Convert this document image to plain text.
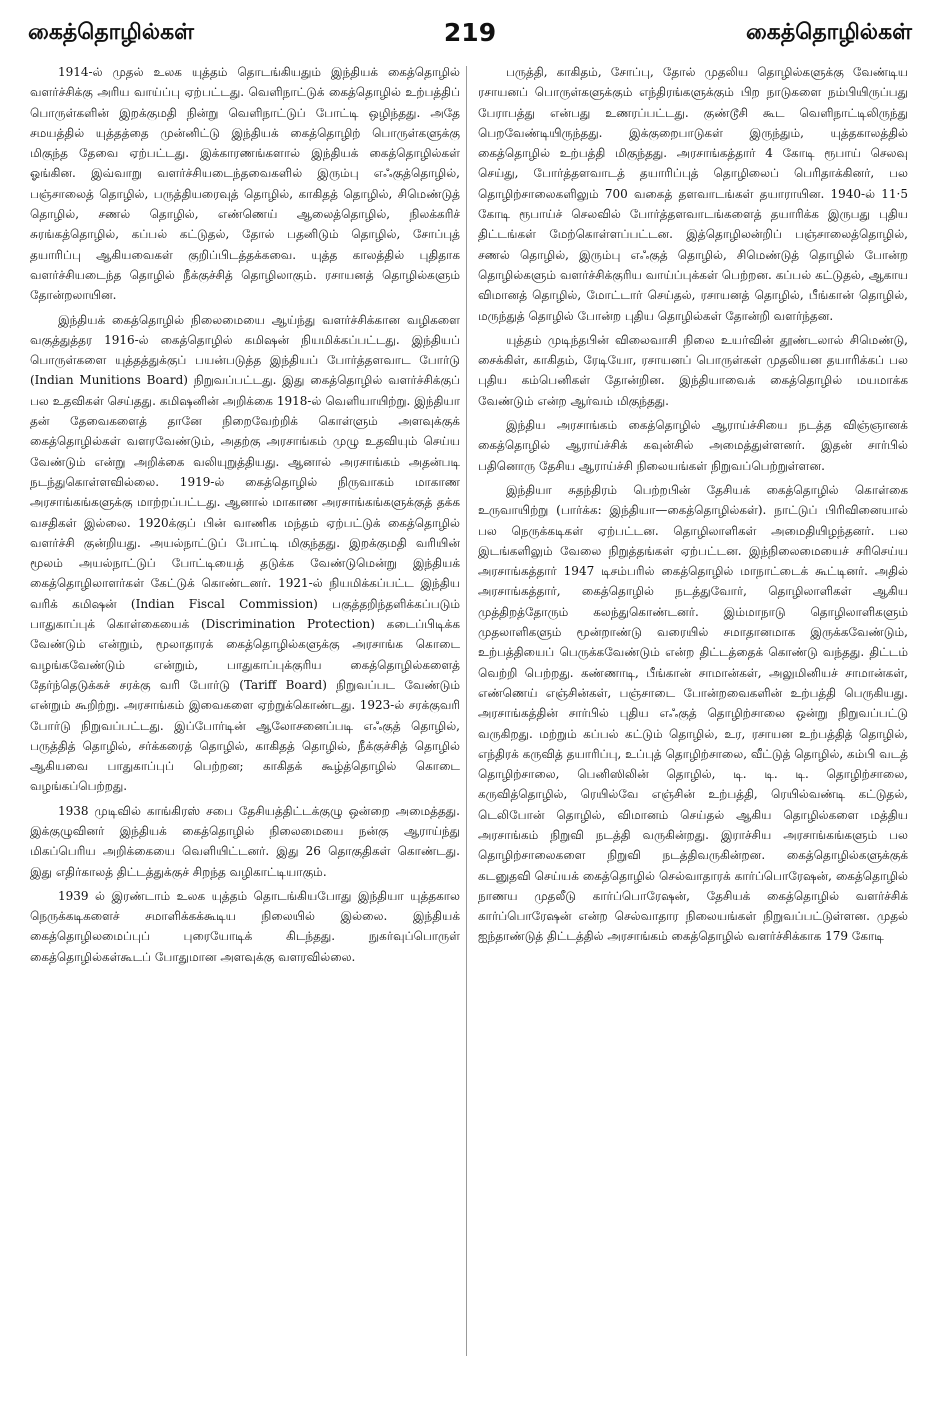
கைத்தொழில்கள்	219	கைத்தொழில்கள்

1914-ல் முதல் உலக யுத்தம் தொடங்கியதும் இந்தியக் கைத்தொழில் வளர்ச்சிக்கு அரிய வாய்ப்பு ஏற்பட்டது. வெளிநாட்டுக் கைத்தொழில் உற்பத்திப் பொருள்களின் இறக்குமதி நின்று வெளிநாட்டுப் போட்டி ஒழிந்தது. அதே சமயத்தில் யுத்தத்தை முன்னிட்டு இந்தியக் கைத்தொழிற் பொருள்களுக்கு மிகுந்த தேவை ஏற்பட்டது. இக்காரணங்களால் இந்தியக் கைத்தொழில்கள் ஓங்கின. இவ்வாறு வளர்ச்சியடைந்தவைகளில் இரும்பு எஃகுத்தொழில், பஞ்சாலைத் தொழில், பருத்தியரைவுத் தொழில், காகிதத் தொழில், சிமெண்டுத் தொழில், சணல் தொழில், எண்ணெய் ஆலைத்தொழில், நிலக்கரிச் சுரங்கத்தொழில், கப்பல் கட்டுதல், தோல் பதனிடும் தொழில், சோப்புத் தயாரிப்பு ஆகியவைகள் குறிப்பிடத்தக்கவை. யுத்த காலத்தில் புதிதாக வளர்ச்சியடைந்த தொழில் நீக்குச்சித் தொழிலாகும். ரசாயனத் தொழில்களும் தோன்றலாயின.

இந்தியக் கைத்தொழில் நிலைமையை ஆய்ந்து வளர்ச்சிக்கான வழிகளை வகுத்துத்தர 1916-ல் கைத்தொழில் கமிஷன் நியமிக்கப்பட்டது. இந்தியப் பொருள்களை யுத்தத்துக்குப் பயன்படுத்த இந்தியப் போர்த்தளவாட போர்டு (Indian Munitions Board) நிறுவப்பட்டது. இது கைத்தொழில் வளர்ச்சிக்குப் பல உதவிகள் செய்தது. கமிஷனின் அறிக்கை 1918-ல் வெளியாயிற்று. இந்தியா தன் தேவைகளைத் தானே நிறைவேற்றிக் கொள்ளும் அளவுக்குக் கைத்தொழில்கள் வளரவேண்டும், அதற்கு அரசாங்கம் முழு உதவியும் செய்ய வேண்டும் என்று அறிக்கை வலியுறுத்தியது. ஆனால் அரசாங்கம் அதன்படி நடந்துகொள்ளவில்லை. 1919-ல் கைத்தொழில் நிருவாகம் மாகாண அரசாங்கங்களுக்கு மாற்றப்பட்டது. ஆனால் மாகாண அரசாங்கங்களுக்குத் தக்க வசதிகள் இல்லை. 1920க்குப் பின் வாணிக மந்தம் ஏற்பட்டுக் கைத்தொழில் வளர்ச்சி குன்றியது. அயல்நாட்டுப் போட்டி மிகுந்தது. இறக்குமதி வரியின் மூலம் அயல்நாட்டுப் போட்டியைத் தடுக்க வேண்டுமென்று இந்தியக் கைத்தொழிலாளர்கள் கேட்டுக் கொண்டனர். 1921-ல் நியமிக்கப்பட்ட இந்திய வரிக் கமிஷன் (Indian Fiscal Commission) பகுத்தறிந்தளிக்கப்படும் பாதுகாப்புக் கொள்கையைக் (Discrimination Protection) கடைப்பிடிக்க வேண்டும் என்றும், மூலாதாரக் கைத்தொழில்களுக்கு அரசாங்க கொடை வழங்கவேண்டும் என்றும், பாதுகாப்புக்குரிய கைத்தொழில்களைத் தேர்ந்தெடுக்கச் சரக்கு வரி போர்டு (Tariff Board) நிறுவப்பட வேண்டும் என்றும் கூறிற்று. அரசாங்கம் இவைகளை ஏற்றுக்கொண்டது. 1923-ல் சரக்குவரி போர்டு நிறுவப்பட்டது. இப்போர்டின் ஆலோசனைப்படி எஃகுத் தொழில், பருத்தித் தொழில், சர்க்கரைத் தொழில், காகிதத் தொழில், நீக்குச்சித் தொழில் ஆகியவை பாதுகாப்புப் பெற்றன; காகிதக் கூழ்த்தொழில் கொடை வழங்கப்பெற்றது.

1938 முடிவில் காங்கிரஸ் சபை தேசியத்திட்டக்குழு ஒன்றை அமைத்தது. இக்குழுவினர் இந்தியக் கைத்தொழில் நிலைமையை நன்கு ஆராய்ந்து மிகப்பெரிய அறிக்கையை வெளியிட்டனர். இது 26 தொகுதிகள் கொண்டது. இது எதிர்காலத் திட்டத்துக்குச் சிறந்த வழிகாட்டியாகும்.

1939 ல் இரண்டாம் உலக யுத்தம் தொடங்கியபோது இந்தியா யுத்தகால நெருக்கடிகளைச் சமாளிக்கக்கூடிய நிலையில் இல்லை. இந்தியக் கைத்தொழிலமைப்புப் புரையோடிக் கிடந்தது. நுகர்வுப்பொருள் கைத்தொழில்கள்கூடப் போதுமான அளவுக்கு வளரவில்லை.

பருத்தி, காகிதம், சோப்பு, தோல் முதலிய தொழில்களுக்கு வேண்டிய ரசாயனப் பொருள்களுக்கும் எந்திரங்களுக்கும் பிற நாடுகளை நம்பியிருப்பது பேராபத்து என்பது உணரப்பட்டது. குண்டூசி கூட வெளிநாட்டிலிருந்து பெறவேண்டியிருந்தது. இக்குறைபாடுகள் இருந்தும், யுத்தகாலத்தில் கைத்தொழில் உற்பத்தி மிகுந்தது. அரசாங்கத்தார் 4 கோடி ரூபாய் செலவு செய்து, போர்த்தளவாடத் தயாரிப்புத் தொழிலைப் பெரிதாக்கினர், பல தொழிற்சாலைகளிலும் 700 வகைத் தளவாடங்கள் தயாராயின. 1940-ல் 11·5 கோடி ரூபாய்ச் செலவில் போர்த்தளவாடங்களைத் தயாரிக்க இருபது புதிய திட்டங்கள் மேற்கொள்ளப்பட்டன. இத்தொழிலன்றிப் பஞ்சாலைத்தொழில், சணல் தொழில், இரும்பு எஃகுத் தொழில், சிமெண்டுத் தொழில் போன்ற தொழில்களும் வளர்ச்சிக்குரிய வாய்ப்புக்கள் பெற்றன. கப்பல் கட்டுதல், ஆகாய விமானத் தொழில், மோட்டார் செய்தல், ரசாயனத் தொழில், பீங்கான் தொழில், மருந்துத் தொழில் போன்ற புதிய தொழில்கள் தோன்றி வளர்ந்தன.

யுத்தம் முடிந்தபின் விலைவாசி நிலை உயர்வின் தூண்டலால் சிமெண்டு, சைக்கிள், காகிதம், ரேடியோ, ரசாயனப் பொருள்கள் முதலியன தயாரிக்கப் பல புதிய கம்பெனிகள் தோன்றின. இந்தியாவைக் கைத்தொழில் மயமாக்க வேண்டும் என்ற ஆர்வம் மிகுந்தது.

இந்திய அரசாங்கம் கைத்தொழில் ஆராய்ச்சியை நடத்த விஞ்ஞானக் கைத்தொழில் ஆராய்ச்சிக் கவுன்சில் அமைத்துள்ளனர். இதன் சார்பில் பதினொரு தேசிய ஆராய்ச்சி நிலையங்கள் நிறுவப்பெற்றுள்ளன.

இந்தியா சுதந்திரம் பெற்றபின் தேசியக் கைத்தொழில் கொள்கை உருவாயிற்று (பார்க்க: இந்தியா—கைத்தொழில்கள்). நாட்டுப் பிரிவினையால் பல நெருக்கடிகள் ஏற்பட்டன. தொழிலாளிகள் அமைதியிழந்தனர். பல இடங்களிலும் வேலை நிறுத்தங்கள் ஏற்பட்டன. இந்நிலைமையைச் சரிசெய்ய அரசாங்கத்தார் 1947 டிசம்பரில் கைத்தொழில் மாநாட்டைக் கூட்டினர். அதில் அரசாங்கத்தார், கைத்தொழில் நடத்துவோர், தொழிலாளிகள் ஆகிய முத்திறத்தோரும் கலந்துகொண்டனர். இம்மாநாடு தொழிலாளிகளும் முதலாளிகளும் மூன்றாண்டு வரையில் சமாதானமாக இருக்கவேண்டும், உற்பத்தியைப் பெருக்கவேண்டும் என்ற திட்டத்தைக் கொண்டு வந்தது. திட்டம் வெற்றி பெற்றது. கண்ணாடி, பீங்கான் சாமான்கள், அலுமினியச் சாமான்கள், எண்ணெய் எஞ்சின்கள், பஞ்சாடை போன்றவைகளின் உற்பத்தி பெருகியது. அரசாங்கத்தின் சார்பில் புதிய எஃகுத் தொழிற்சாலை ஒன்று நிறுவப்பட்டு வருகிறது. மற்றும் கப்பல் கட்டும் தொழில், உர, ரசாயன உற்பத்தித் தொழில், எந்திரக் கருவித் தயாரிப்பு, உப்புத் தொழிற்சாலை, வீட்டுத் தொழில், கம்பி வடத் தொழிற்சாலை, பெனிஸிலின் தொழில், டி. டி. டி. தொழிற்சாலை, கருவித்தொழில், ரெயில்வே எஞ்சின் உற்பத்தி, ரெயில்வண்டி கட்டுதல், டெலிபோன் தொழில், விமானம் செய்தல் ஆகிய தொழில்களை மத்திய அரசாங்கம் நிறுவி நடத்தி வருகின்றது. இராச்சிய அரசாங்கங்களும் பல தொழிற்சாலைகளை நிறுவி நடத்திவருகின்றன. கைத்தொழில்களுக்குக் கடனுதவி செய்யக் கைத்தொழில் செல்வாதாரக் கார்ப்பொரேஷன், கைத்தொழில் நாணய முதலீடு கார்ப்பொரேஷன், தேசியக் கைத்தொழில் வளர்ச்சிக் கார்ப்பொரேஷன் என்ற செல்வாதார நிலையங்கள் நிறுவப்பட்டுள்ளன. முதல் ஐந்தாண்டுத் திட்டத்தில் அரசாங்கம் கைத்தொழில் வளர்ச்சிக்காக 179 கோடி
